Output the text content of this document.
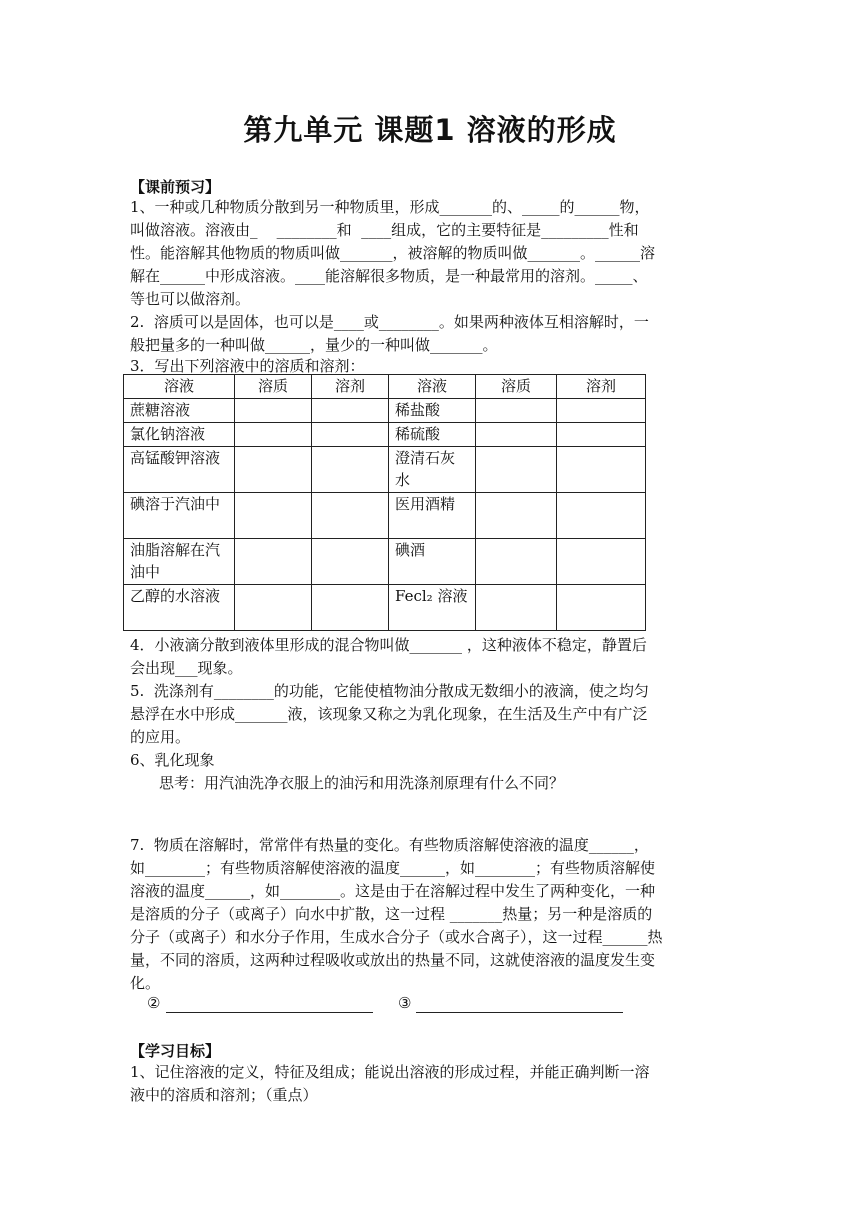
第九单元 课题1 溶液的形成
【课前预习】
1、一种或几种物质分散到另一种物质里，形成_______的、_____的______物，
叫做溶液。溶液由_    ________和  ____组成，它的主要特征是_________性和
性。能溶解其他物质的物质叫做_______，被溶解的物质叫做_______。______溶
解在______中形成溶液。____能溶解很多物质，是一种最常用的溶剂。_____、
等也可以做溶剂。
2.  溶质可以是固体，也可以是____或________。如果两种液体互相溶解时，一
般把量多的一种叫做______，量少的一种叫做_______。
3．写出下列溶液中的溶质和溶剂：
溶液	溶质	溶剂	溶液	溶质	溶剂
蔗糖溶液			稀盐酸		
氯化钠溶液			稀硫酸		
高锰酸钾溶液			澄清石灰水		
碘溶于汽油中			医用酒精		
油脂溶解在汽油中			碘酒		
乙醇的水溶液			Fecl₂ 溶液		
4．小液滴分散到液体里形成的混合物叫做_______ ，这种液体不稳定，静置后
会出现___现象。
5.  洗涤剂有________的功能，它能使植物油分散成无数细小的液滴，使之均匀
悬浮在水中形成_______液，该现象又称之为乳化现象，在生活及生产中有广泛
的应用。
6、乳化现象
思考：用汽油洗净衣服上的油污和用洗涤剂原理有什么不同？
7.  物质在溶解时，常常伴有热量的变化。有些物质溶解使溶液的温度______，
如________；有些物质溶解使溶液的温度______，如________；有些物质溶解使
溶液的温度______，如________。这是由于在溶解过程中发生了两种变化，一种
是溶质的分子（或离子）向水中扩散，这一过程 _______热量；另一种是溶质的
分子（或离子）和水分子作用，生成水合分子（或水合离子），这一过程______热
量，不同的溶质，这两种过程吸收或放出的热量不同，这就使溶液的温度发生变
化。
②	③
【学习目标】
1、记住溶液的定义，特征及组成；能说出溶液的形成过程，并能正确判断一溶
液中的溶质和溶剂；（重点）
